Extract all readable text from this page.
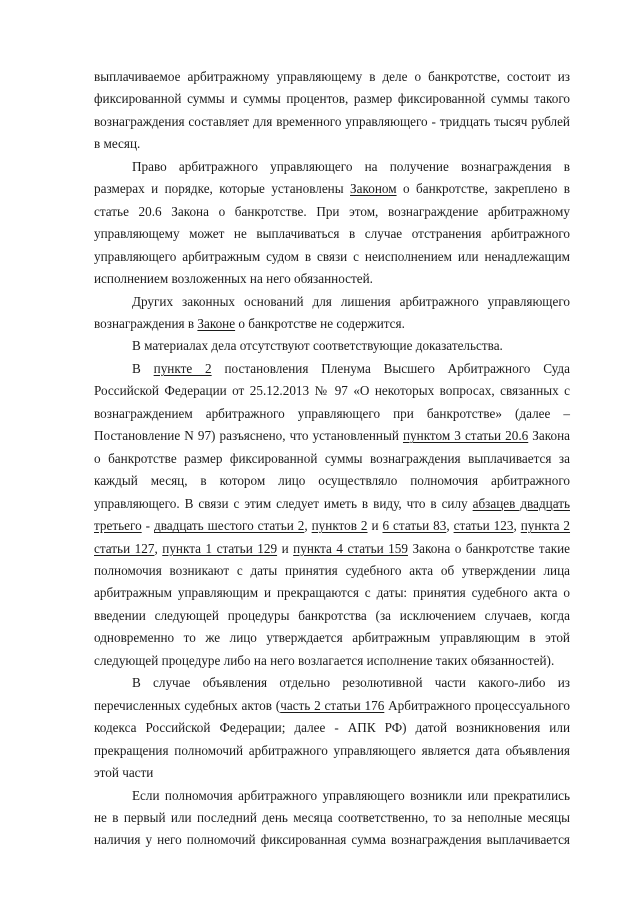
выплачиваемое арбитражному управляющему в деле о банкротстве, состоит из фиксированной суммы и суммы процентов, размер фиксированной суммы такого вознаграждения составляет для временного управляющего - тридцать тысяч рублей в месяц.

Право арбитражного управляющего на получение вознаграждения в размерах и порядке, которые установлены Законом о банкротстве, закреплено в статье 20.6 Закона о банкротстве. При этом, вознаграждение арбитражному управляющему может не выплачиваться в случае отстранения арбитражного управляющего арбитражным судом в связи с неисполнением или ненадлежащим исполнением возложенных на него обязанностей.

Других законных оснований для лишения арбитражного управляющего вознаграждения в Законе о банкротстве не содержится.

В материалах дела отсутствуют соответствующие доказательства.

В пункте 2 постановления Пленума Высшего Арбитражного Суда Российской Федерации от 25.12.2013 № 97 «О некоторых вопросах, связанных с вознаграждением арбитражного управляющего при банкротстве» (далее – Постановление N 97) разъяснено, что установленный пунктом 3 статьи 20.6 Закона о банкротстве размер фиксированной суммы вознаграждения выплачивается за каждый месяц, в котором лицо осуществляло полномочия арбитражного управляющего. В связи с этим следует иметь в виду, что в силу абзацев двадцать третьего - двадцать шестого статьи 2, пунктов 2 и 6 статьи 83, статьи 123, пункта 2 статьи 127, пункта 1 статьи 129 и пункта 4 статьи 159 Закона о банкротстве такие полномочия возникают с даты принятия судебного акта об утверждении лица арбитражным управляющим и прекращаются с даты: принятия судебного акта о введении следующей процедуры банкротства (за исключением случаев, когда одновременно то же лицо утверждается арбитражным управляющим в этой следующей процедуре либо на него возлагается исполнение таких обязанностей).

В случае объявления отдельно резолютивной части какого-либо из перечисленных судебных актов (часть 2 статьи 176 Арбитражного процессуального кодекса Российской Федерации; далее - АПК РФ) датой возникновения или прекращения полномочий арбитражного управляющего является дата объявления этой части

Если полномочия арбитражного управляющего возникли или прекратились не в первый или последний день месяца соответственно, то за неполные месяцы наличия у него полномочий фиксированная сумма вознаграждения выплачивается
